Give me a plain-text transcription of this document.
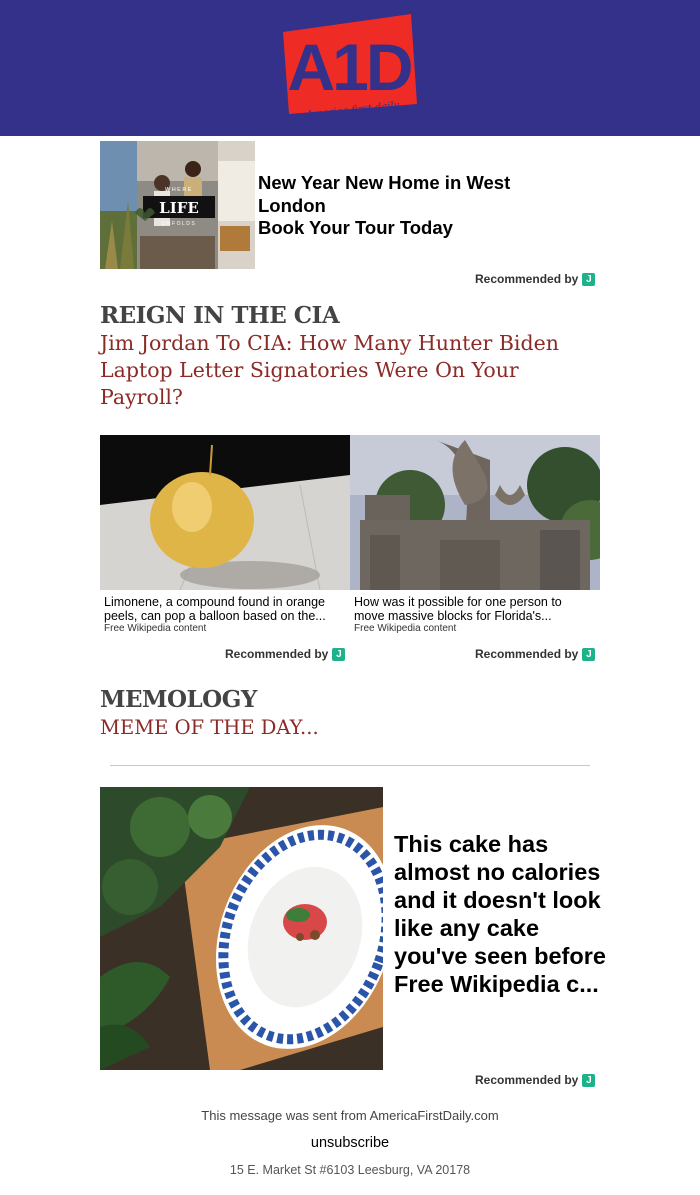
A1D
America first daily
WHERE
LIFE
UNFOLDS
New Year New Home in West London
Book Your Tour Today
Recommended by J
REIGN IN THE CIA
Jim Jordan To CIA: How Many Hunter Biden Laptop Letter Signatories Were On Your Payroll?
Limonene, a compound found in orange peels, can pop a balloon based on the...
Free Wikipedia content
How was it possible for one person to move massive blocks for Florida's...
Free Wikipedia content
Recommended by J	Recommended by J
MEMOLOGY
MEME OF THE DAY...
This cake has almost no calories and it doesn't look like any cake you've seen before
Free Wikipedia c...
Recommended by J
This message was sent from AmericaFirstDaily.com
unsubscribe
15 E. Market St #6103 Leesburg, VA 20178
